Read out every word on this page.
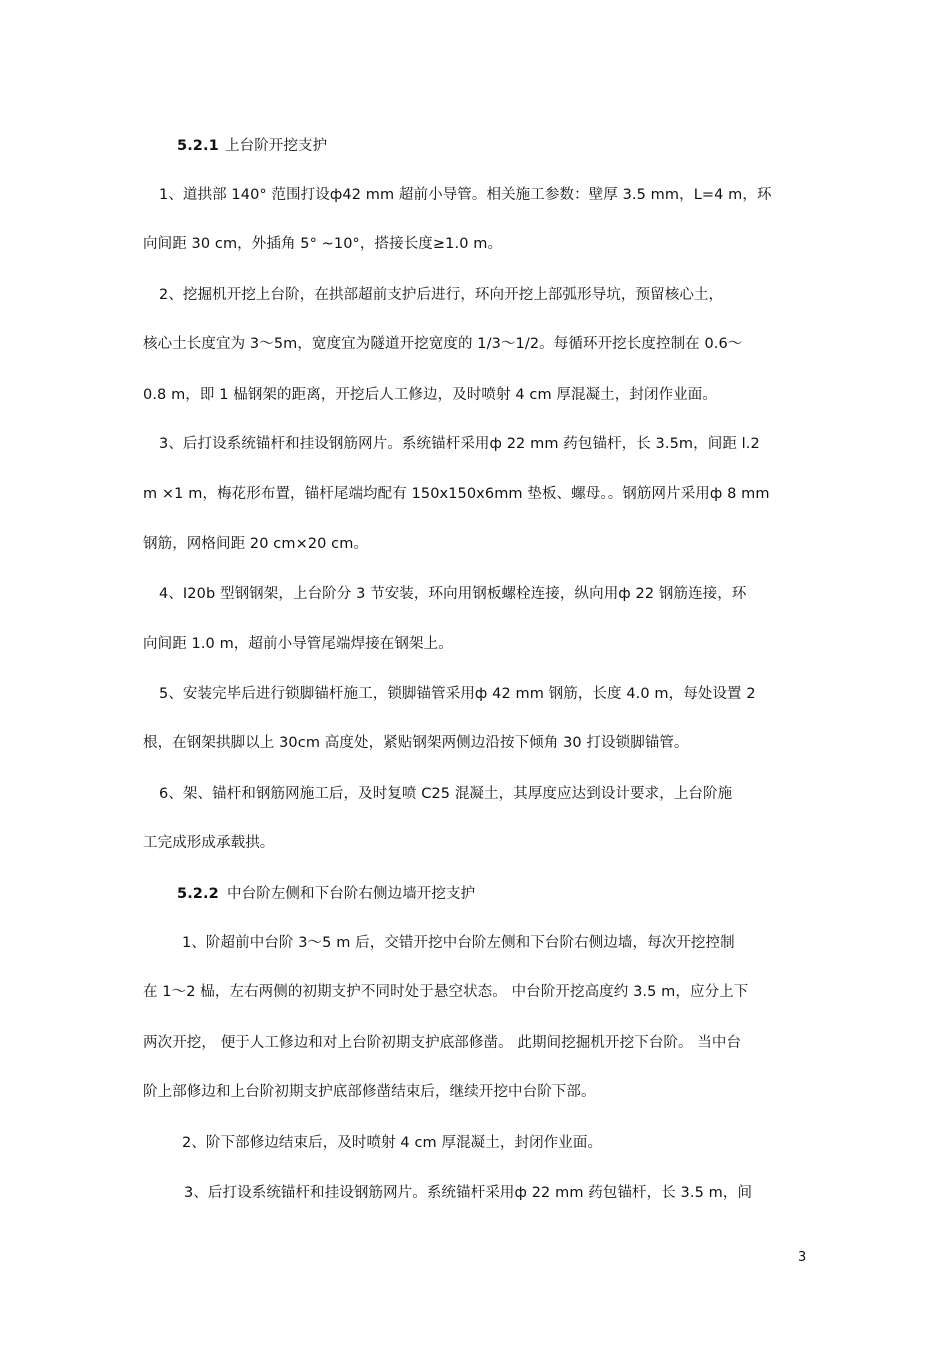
5.2.1 上台阶开挖支护
1、道拱部 140° 范围打设ф42 mm 超前小导管。相关施工参数：壁厚 3.5 mm，L=4 m，环
向间距 30 cm，外插角 5° ~10°，搭接长度≥1.0 m。
2、挖掘机开挖上台阶，在拱部超前支护后进行，环向开挖上部弧形导坑，预留核心土，
核心土长度宜为 3～5m，宽度宜为隧道开挖宽度的 1/3～1/2。每循环开挖长度控制在 0.6～
0.8 m，即 1 榀钢架的距离，开挖后人工修边，及时喷射 4 cm 厚混凝土，封闭作业面。
3、后打设系统锚杆和挂设钢筋网片。系统锚杆采用ф 22 mm 药包锚杆，长 3.5m，间距 l.2
m ×1 m，梅花形布置，锚杆尾端均配有 150x150x6mm 垫板、螺母。。钢筋网片采用ф 8 mm
钢筋，网格间距 20 cm×20 cm。
4、I20b 型钢钢架，上台阶分 3 节安装，环向用钢板螺栓连接，纵向用ф 22 钢筋连接，环
向间距 1.0 m，超前小导管尾端焊接在钢架上。
5、安装完毕后进行锁脚锚杆施工，锁脚锚管采用ф 42 mm 钢筋，长度 4.0 m，每处设置 2
根，在钢架拱脚以上 30cm 高度处，紧贴钢架两侧边沿按下倾角 30 打设锁脚锚管。
6、架、锚杆和钢筋网施工后，及时复喷 C25 混凝土，其厚度应达到设计要求，上台阶施
工完成形成承载拱。
5.2.2 中台阶左侧和下台阶右侧边墙开挖支护
1、阶超前中台阶 3～5 m 后，交错开挖中台阶左侧和下台阶右侧边墙，每次开挖控制
在 1～2 榀，左右两侧的初期支护不同时处于悬空状态。 中台阶开挖高度约 3.5 m，应分上下
两次开挖， 便于人工修边和对上台阶初期支护底部修凿。 此期间挖掘机开挖下台阶。 当中台
阶上部修边和上台阶初期支护底部修凿结束后，继续开挖中台阶下部。
2、阶下部修边结束后，及时喷射 4 cm 厚混凝土，封闭作业面。
3、后打设系统锚杆和挂设钢筋网片。系统锚杆采用ф 22 mm 药包锚杆，长 3.5 m，间
3
